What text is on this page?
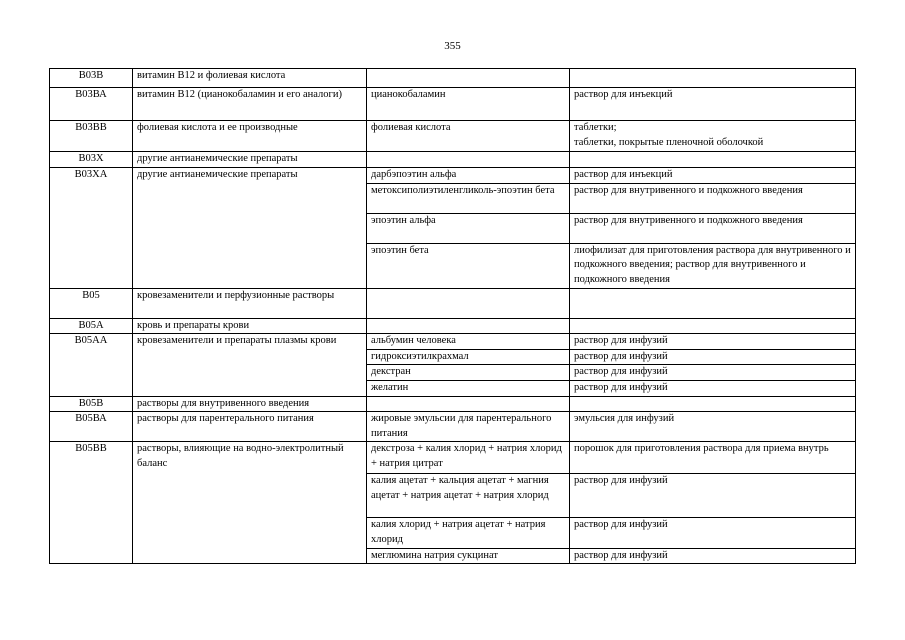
355
В03В	витамин B12 и фолиевая кислота		
В03ВА	витамин B12 (цианокобаламин и его аналоги)	цианокобаламин	раствор для инъекций
В03ВВ	фолиевая кислота и ее производные	фолиевая кислота	таблетки;
таблетки, покрытые пленочной оболочкой
В03Х	другие антианемические препараты		
В03ХА	другие антианемические препараты	дарбэпоэтин альфа	раствор для инъекций
		метоксиполиэтиленгликоль-эпоэтин бета	раствор для внутривенного и подкожного введения
		эпоэтин альфа	раствор для внутривенного и подкожного введения
		эпоэтин бета	лиофилизат для приготовления раствора для внутривенного и подкожного введения; раствор для внутривенного и подкожного введения
В05	кровезаменители и перфузионные растворы		
В05А	кровь и препараты крови		
В05АА	кровезаменители и препараты плазмы крови	альбумин человека	раствор для инфузий
		гидроксиэтилкрахмал	раствор для инфузий
		декстран	раствор для инфузий
		желатин	раствор для инфузий
В05В	растворы для внутривенного введения		
В05ВА	растворы для парентерального питания	жировые эмульсии для парентерального питания	эмульсия для инфузий
В05ВВ	растворы, влияющие на водно-электролитный баланс	декстроза + калия хлорид + натрия хлорид + натрия цитрат	порошок для приготовления раствора для приема внутрь
		калия ацетат + кальция ацетат + магния ацетат + натрия ацетат + натрия хлорид	раствор для инфузий
		калия хлорид + натрия ацетат + натрия хлорид	раствор для инфузий
		меглюмина натрия сукцинат	раствор для инфузий
